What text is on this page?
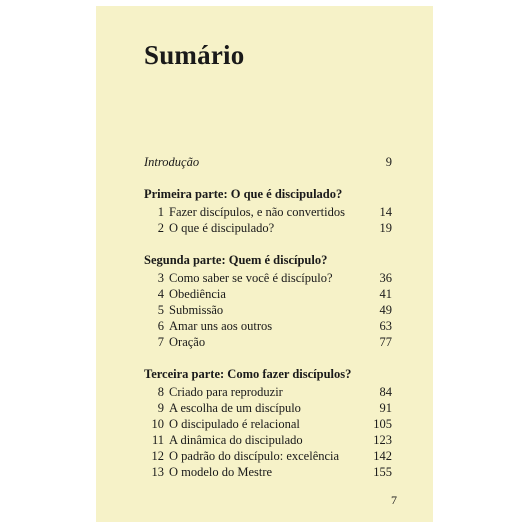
Sumário
Introdução	9
Primeira parte: O que é discipulado?
1 Fazer discípulos, e não convertidos	14
2 O que é discipulado?	19
Segunda parte: Quem é discípulo?
3 Como saber se você é discípulo?	36
4 Obediência	41
5 Submissão	49
6 Amar uns aos outros	63
7 Oração	77
Terceira parte: Como fazer discípulos?
8 Criado para reproduzir	84
9 A escolha de um discípulo	91
10 O discipulado é relacional	105
11 A dinâmica do discipulado	123
12 O padrão do discípulo: excelência	142
13 O modelo do Mestre	155
7
